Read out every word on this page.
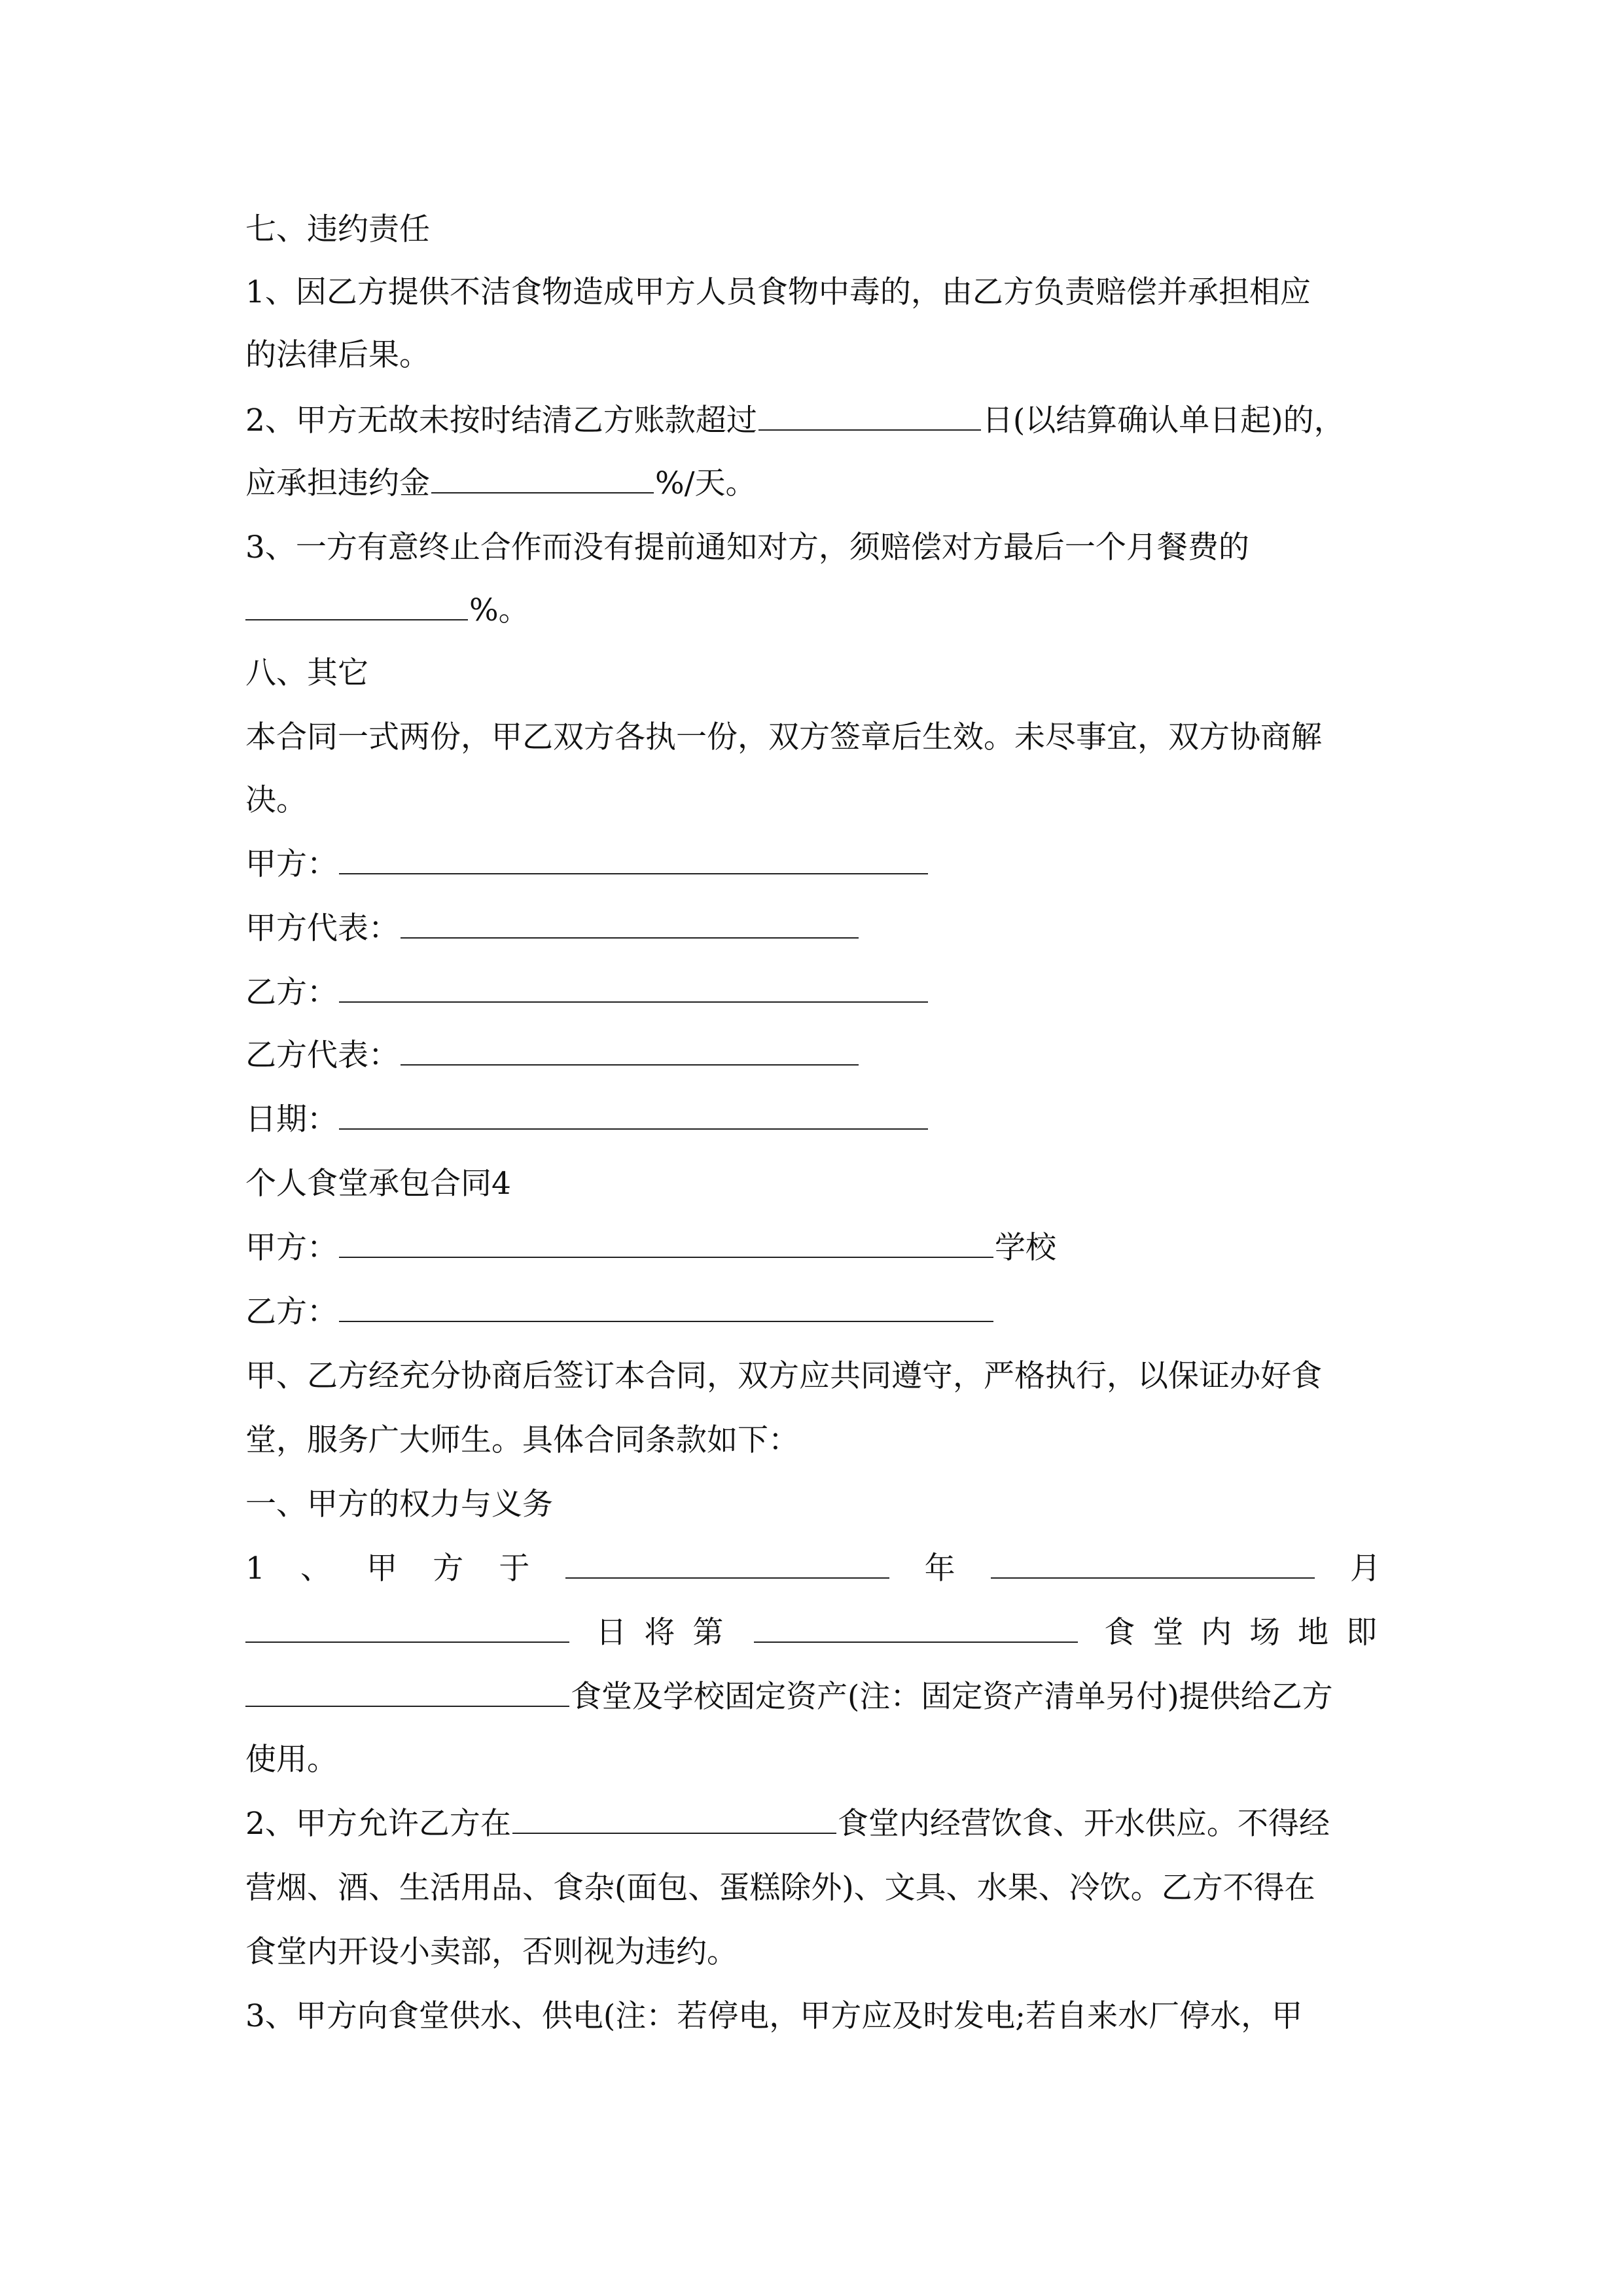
七、违约责任
1、因乙方提供不洁食物造成甲方人员食物中毒的，由乙方负责赔偿并承担相应
的法律后果。
2、甲方无故未按时结清乙方账款超过	日(以结算确认单日起)的，
应承担违约金	%/天。
3、一方有意终止合作而没有提前通知对方，须赔偿对方最后一个月餐费的
%。
八、其它
本合同一式两份，甲乙双方各执一份，双方签章后生效。未尽事宜，双方协商解
决。
甲方：
甲方代表：
乙方：
乙方代表：
日期：
个人食堂承包合同4
甲方：	学校
乙方：
甲、乙方经充分协商后签订本合同，双方应共同遵守，严格执行，以保证办好食
堂，服务广大师生。具体合同条款如下：
一、甲方的权力与义务
1 、 甲 方 于	年	月
日 将 第	食 堂 内 场 地 即
食堂及学校固定资产(注：固定资产清单另付)提供给乙方
使用。
2、甲方允许乙方在	食堂内经营饮食、开水供应。不得经
营烟、酒、生活用品、食杂(面包、蛋糕除外)、文具、水果、冷饮。乙方不得在
食堂内开设小卖部，否则视为违约。
3、甲方向食堂供水、供电(注：若停电，甲方应及时发电;若自来水厂停水，甲
